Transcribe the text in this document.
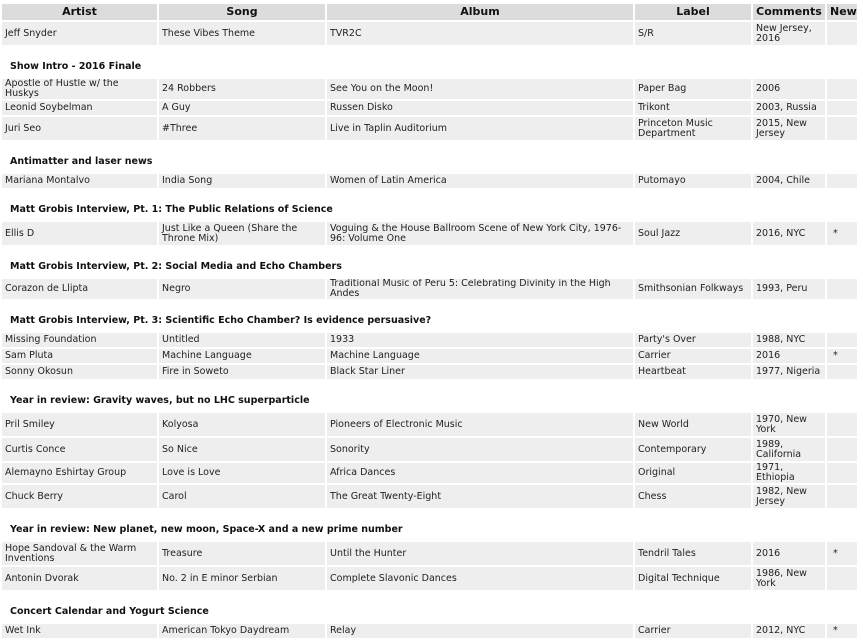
Artist	Song	Album	Label	Comments	New
Jeff Snyder	These Vibes Theme	TVR2C	S/R	New Jersey, 2016	
Show Intro - 2016 Finale					
Apostle of Hustle w/ the Huskys	24 Robbers	See You on the Moon!	Paper Bag	2006	
Leonid Soybelman	A Guy	Russen Disko	Trikont	2003, Russia	
Juri Seo	#Three	Live in Taplin Auditorium	Princeton Music Department	2015, New Jersey	
Antimatter and laser news					
Mariana Montalvo	India Song	Women of Latin America	Putomayo	2004, Chile	
Matt Grobis Interview, Pt. 1: The Public Relations of Science					
Ellis D	Just Like a Queen (Share the Throne Mix)	Voguing & the House Ballroom Scene of New York City, 1976-96: Volume One	Soul Jazz	2016, NYC	*
Matt Grobis Interview, Pt. 2: Social Media and Echo Chambers					
Corazon de Llipta	Negro	Traditional Music of Peru 5: Celebrating Divinity in the High Andes	Smithsonian Folkways	1993, Peru	
Matt Grobis Interview, Pt. 3: Scientific Echo Chamber? Is evidence persuasive?					
Missing Foundation	Untitled	1933	Party's Over	1988, NYC	
Sam Pluta	Machine Language	Machine Language	Carrier	2016	*
Sonny Okosun	Fire in Soweto	Black Star Liner	Heartbeat	1977, Nigeria	
Year in review: Gravity waves, but no LHC superparticle					
Pril Smiley	Kolyosa	Pioneers of Electronic Music	New World	1970, New York	
Curtis Conce	So Nice	Sonority	Contemporary	1989, California	
Alemayno Eshirtay Group	Love is Love	Africa Dances	Original	1971, Ethiopia	
Chuck Berry	Carol	The Great Twenty-Eight	Chess	1982, New Jersey	
Year in review: New planet, new moon, Space-X and a new prime number					
Hope Sandoval & the Warm Inventions	Treasure	Until the Hunter	Tendril Tales	2016	*
Antonin Dvorak	No. 2 in E minor Serbian	Complete Slavonic Dances	Digital Technique	1986, New York	
Concert Calendar and Yogurt Science					
Wet Ink	American Tokyo Daydream	Relay	Carrier	2012, NYC	*
